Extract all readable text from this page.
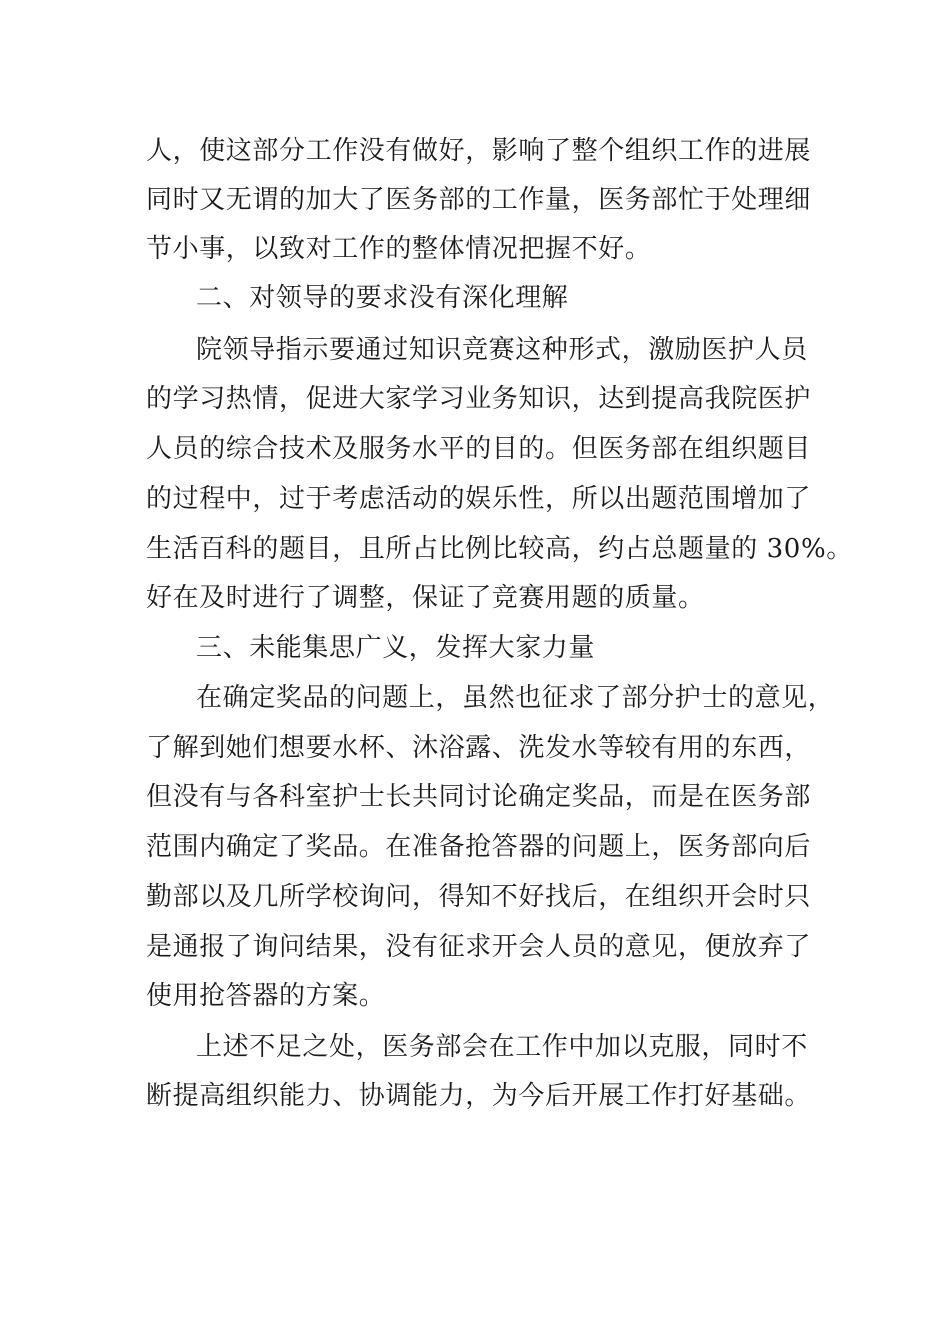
人，使这部分工作没有做好，影响了整个组织工作的进展
同时又无谓的加大了医务部的工作量，医务部忙于处理细
节小事，以致对工作的整体情况把握不好。
二、对领导的要求没有深化理解
院领导指示要通过知识竞赛这种形式，激励医护人员
的学习热情，促进大家学习业务知识，达到提高我院医护
人员的综合技术及服务水平的目的。但医务部在组织题目
的过程中，过于考虑活动的娱乐性，所以出题范围增加了
生活百科的题目，且所占比例比较高，约占总题量的 30%。
好在及时进行了调整，保证了竞赛用题的质量。
三、未能集思广义，发挥大家力量
在确定奖品的问题上，虽然也征求了部分护士的意见，
了解到她们想要水杯、沐浴露、洗发水等较有用的东西，
但没有与各科室护士长共同讨论确定奖品，而是在医务部
范围内确定了奖品。在准备抢答器的问题上，医务部向后
勤部以及几所学校询问，得知不好找后，在组织开会时只
是通报了询问结果，没有征求开会人员的意见，便放弃了
使用抢答器的方案。
上述不足之处，医务部会在工作中加以克服，同时不
断提高组织能力、协调能力，为今后开展工作打好基础。
